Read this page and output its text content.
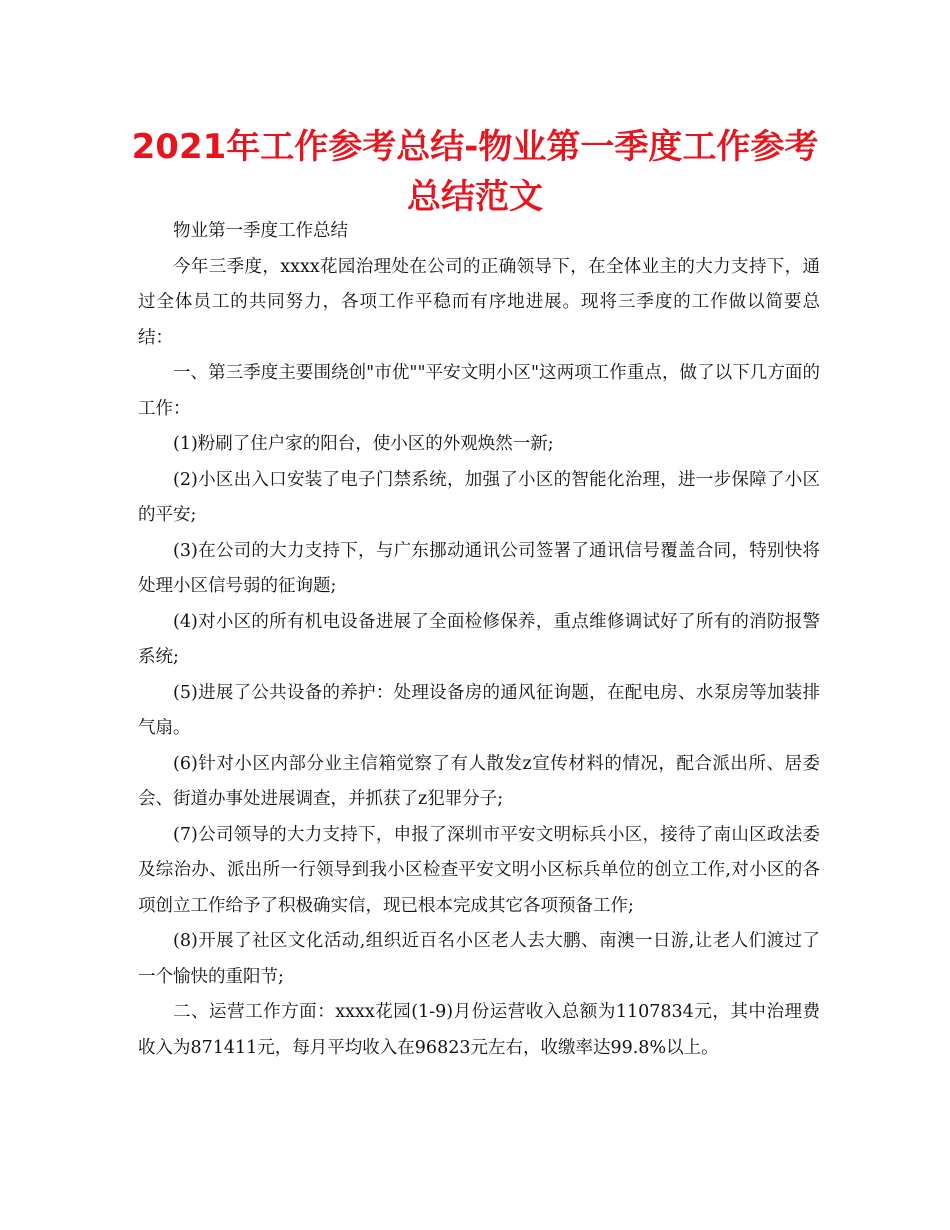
2021年工作参考总结-物业第一季度工作参考总结范文

物业第一季度工作总结

今年三季度，xxxx花园治理处在公司的正确领导下，在全体业主的大力支持下，通过全体员工的共同努力，各项工作平稳而有序地进展。现将三季度的工作做以简要总结：

一、第三季度主要围绕创"市优""平安文明小区"这两项工作重点，做了以下几方面的工作：

(1)粉刷了住户家的阳台，使小区的外观焕然一新;

(2)小区出入口安装了电子门禁系统，加强了小区的智能化治理，进一步保障了小区的平安;

(3)在公司的大力支持下，与广东挪动通讯公司签署了通讯信号覆盖合同，特别快将处理小区信号弱的征询题;

(4)对小区的所有机电设备进展了全面检修保养，重点维修调试好了所有的消防报警系统;

(5)进展了公共设备的养护：处理设备房的通风征询题，在配电房、水泵房等加装排气扇。

(6)针对小区内部分业主信箱觉察了有人散发z宣传材料的情况，配合派出所、居委会、街道办事处进展调查，并抓获了z犯罪分子;

(7)公司领导的大力支持下，申报了深圳市平安文明标兵小区，接待了南山区政法委及综治办、派出所一行领导到我小区检查平安文明小区标兵单位的创立工作,对小区的各项创立工作给予了积极确实信，现已根本完成其它各项预备工作;

(8)开展了社区文化活动,组织近百名小区老人去大鹏、南澳一日游,让老人们渡过了一个愉快的重阳节;

二、运营工作方面：xxxx花园(1-9)月份运营收入总额为1107834元，其中治理费收入为871411元，每月平均收入在96823元左右，收缴率达99.8%以上。
